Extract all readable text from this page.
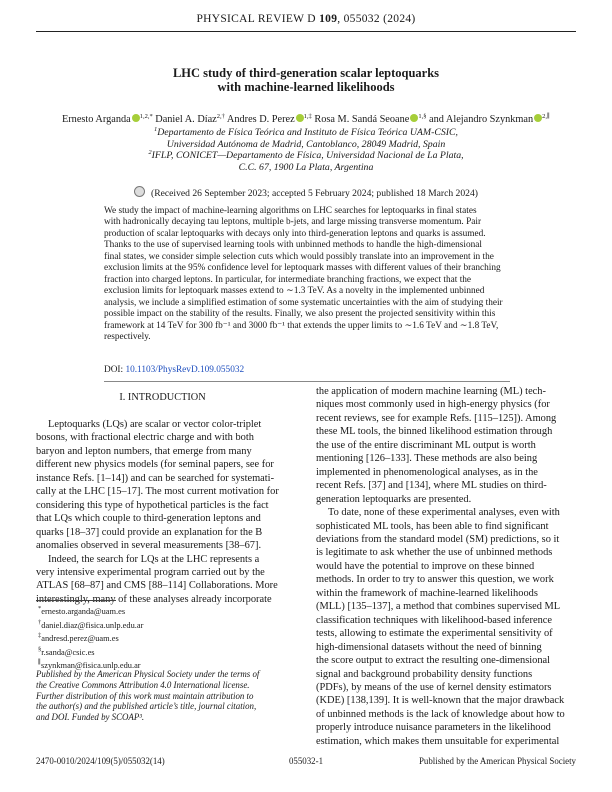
PHYSICAL REVIEW D 109, 055032 (2024)
LHC study of third-generation scalar leptoquarks
with machine-learned likelihoods
Ernesto Arganda $^{1,2,*}$ Daniel A. Díaz$^{2,\dagger}$ Andres D. Perez $^{1,\ddagger}$ Rosa M. Sandá Seoane $^{1,\S}$ and Alejandro Szynkman $^{2,\parallel}$
$^1$Departamento de Física Teórica and Instituto de Física Teórica UAM-CSIC,
Universidad Autónoma de Madrid, Cantoblanco, 28049 Madrid, Spain
$^2$IFLP, CONICET—Departamento de Física, Universidad Nacional de La Plata,
C.C. 67, 1900 La Plata, Argentina
(Received 26 September 2023; accepted 5 February 2024; published 18 March 2024)
We study the impact of machine-learning algorithms on LHC searches for leptoquarks in final states
with hadronically decaying tau leptons, multiple b-jets, and large missing transverse momentum. Pair
production of scalar leptoquarks with decays only into third-generation leptons and quarks is assumed.
Thanks to the use of supervised learning tools with unbinned methods to handle the high-dimensional
final states, we consider simple selection cuts which would possibly translate into an improvement in the
exclusion limits at the 95% confidence level for leptoquark masses with different values of their branching
fraction into charged leptons. In particular, for intermediate branching fractions, we expect that the
exclusion limits for leptoquark masses extend to ∼1.3 TeV. As a novelty in the implemented unbinned
analysis, we include a simplified estimation of some systematic uncertainties with the aim of studying their
possible impact on the stability of the results. Finally, we also present the projected sensitivity within this
framework at 14 TeV for 300 fb⁻¹ and 3000 fb⁻¹ that extends the upper limits to ∼1.6 TeV and ∼1.8 TeV,
respectively.
DOI: 10.1103/PhysRevD.109.055032
I. INTRODUCTION
Leptoquarks (LQs) are scalar or vector color-triplet
bosons, with fractional electric charge and with both
baryon and lepton numbers, that emerge from many
different new physics models (for seminal papers, see for
instance Refs. [1–14]) and can be searched for systemati-
cally at the LHC [15–17]. The most current motivation for
considering this type of hypothetical particles is the fact
that LQs which couple to third-generation leptons and
quarks [18–37] could provide an explanation for the B
anomalies observed in several measurements [38–67].
Indeed, the search for LQs at the LHC represents a
very intensive experimental program carried out by the
ATLAS [68–87] and CMS [88–114] Collaborations. More
interestingly, many of these analyses already incorporate
the application of modern machine learning (ML) tech-
niques most commonly used in high-energy physics (for
recent reviews, see for example Refs. [115–125]). Among
these ML tools, the binned likelihood estimation through
the use of the entire discriminant ML output is worth
mentioning [126–133]. These methods are also being
implemented in phenomenological analyses, as in the
recent Refs. [37] and [134], where ML studies on third-
generation leptoquarks are presented.
To date, none of these experimental analyses, even with
sophisticated ML tools, has been able to find significant
deviations from the standard model (SM) predictions, so it
is legitimate to ask whether the use of unbinned methods
would have the potential to improve on these binned
methods. In order to try to answer this question, we work
within the framework of machine-learned likelihoods
(MLL) [135–137], a method that combines supervised ML
classification techniques with likelihood-based inference
tests, allowing to estimate the experimental sensitivity of
high-dimensional datasets without the need of binning
the score output to extract the resulting one-dimensional
signal and background probability density functions
(PDFs), by means of the use of kernel density estimators
(KDE) [138,139]. It is well-known that the major drawback
of unbinned methods is the lack of knowledge about how to
properly introduce nuisance parameters in the likelihood
estimation, which makes them unsuitable for experimental
*ernesto.arganda@uam.es
†daniel.diaz@fisica.unlp.edu.ar
‡andresd.perez@uam.es
§r.sanda@csic.es
∥szynkman@fisica.unlp.edu.ar
Published by the American Physical Society under the terms of
the Creative Commons Attribution 4.0 International license.
Further distribution of this work must maintain attribution to
the author(s) and the published article’s title, journal citation,
and DOI. Funded by SCOAP³.
2470-0010/2024/109(5)/055032(14)	055032-1	Published by the American Physical Society
